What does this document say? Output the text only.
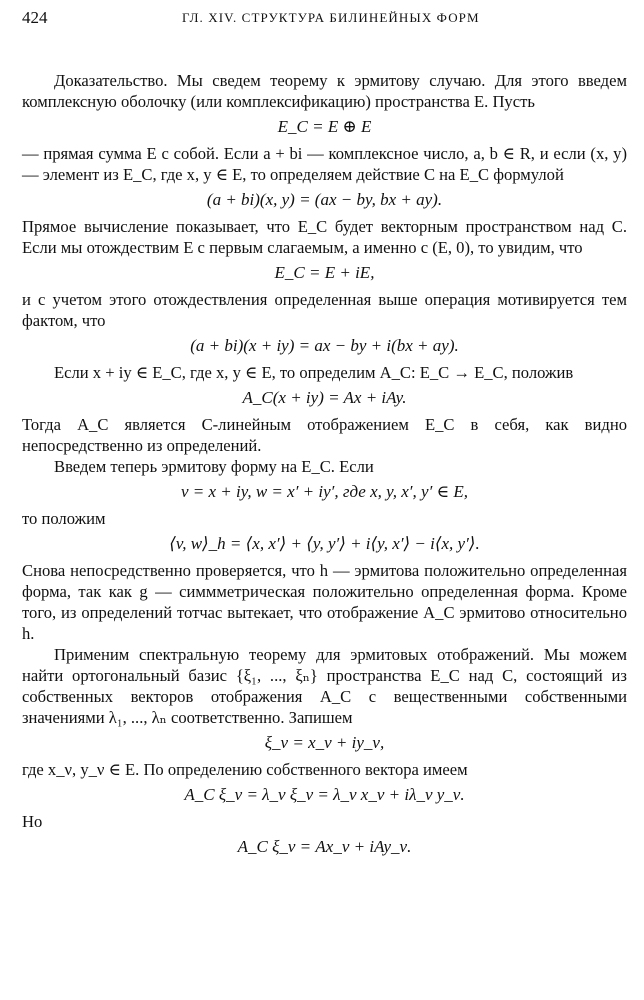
424	ГЛ. XIV. СТРУКТУРА БИЛИНЕЙНЫХ ФОРМ

Доказательство. Мы сведем теорему к эрмитову случаю. Для этого введем комплексную оболочку (или комплексификацию) пространства E. Пусть

E_C = E ⊕ E

— прямая сумма E с собой. Если a + bi — комплексное число, a, b ∈ R, и если (x, y) — элемент из E_C, где x, y ∈ E, то определяем действие C на E_C формулой

(a + bi)(x, y) = (ax − by, bx + ay).

Прямое вычисление показывает, что E_C будет векторным пространством над C. Если мы отождествим E с первым слагаемым, а именно с (E, 0), то увидим, что

E_C = E + iE,

и с учетом этого отождествления определенная выше операция мотивируется тем фактом, что

(a + bi)(x + iy) = ax − by + i(bx + ay).

Если x + iy ∈ E_C, где x, y ∈ E, то определим A_C: E_C → E_C, положив

A_C(x + iy) = Ax + iAy.

Тогда A_C является C-линейным отображением E_C в себя, как видно непосредственно из определений.

Введем теперь эрмитову форму на E_C. Если

v = x + iy, w = x′ + iy′, где x, y, x′, y′ ∈ E,

то положим

⟨v, w⟩_h = ⟨x, x′⟩ + ⟨y, y′⟩ + i⟨y, x′⟩ − i⟨x, y′⟩.

Снова непосредственно проверяется, что h — эрмитова положительно определенная форма, так как g — симмметрическая положительно определенная форма. Кроме того, из определений тотчас вытекает, что отображение A_C эрмитово относительно h.

Применим спектральную теорему для эрмитовых отображений. Мы можем найти ортогональный базис {ξ₁, ..., ξₙ} пространства E_C над C, состоящий из собственных векторов отображения A_C с вещественными собственными значениями λ₁, ..., λₙ соответственно. Запишем

ξ_ν = x_ν + iy_ν,

где x_ν, y_ν ∈ E. По определению собственного вектора имеем

A_C ξ_ν = λ_ν ξ_ν = λ_ν x_ν + iλ_ν y_ν.

Но

A_C ξ_ν = Ax_ν + iAy_ν.
